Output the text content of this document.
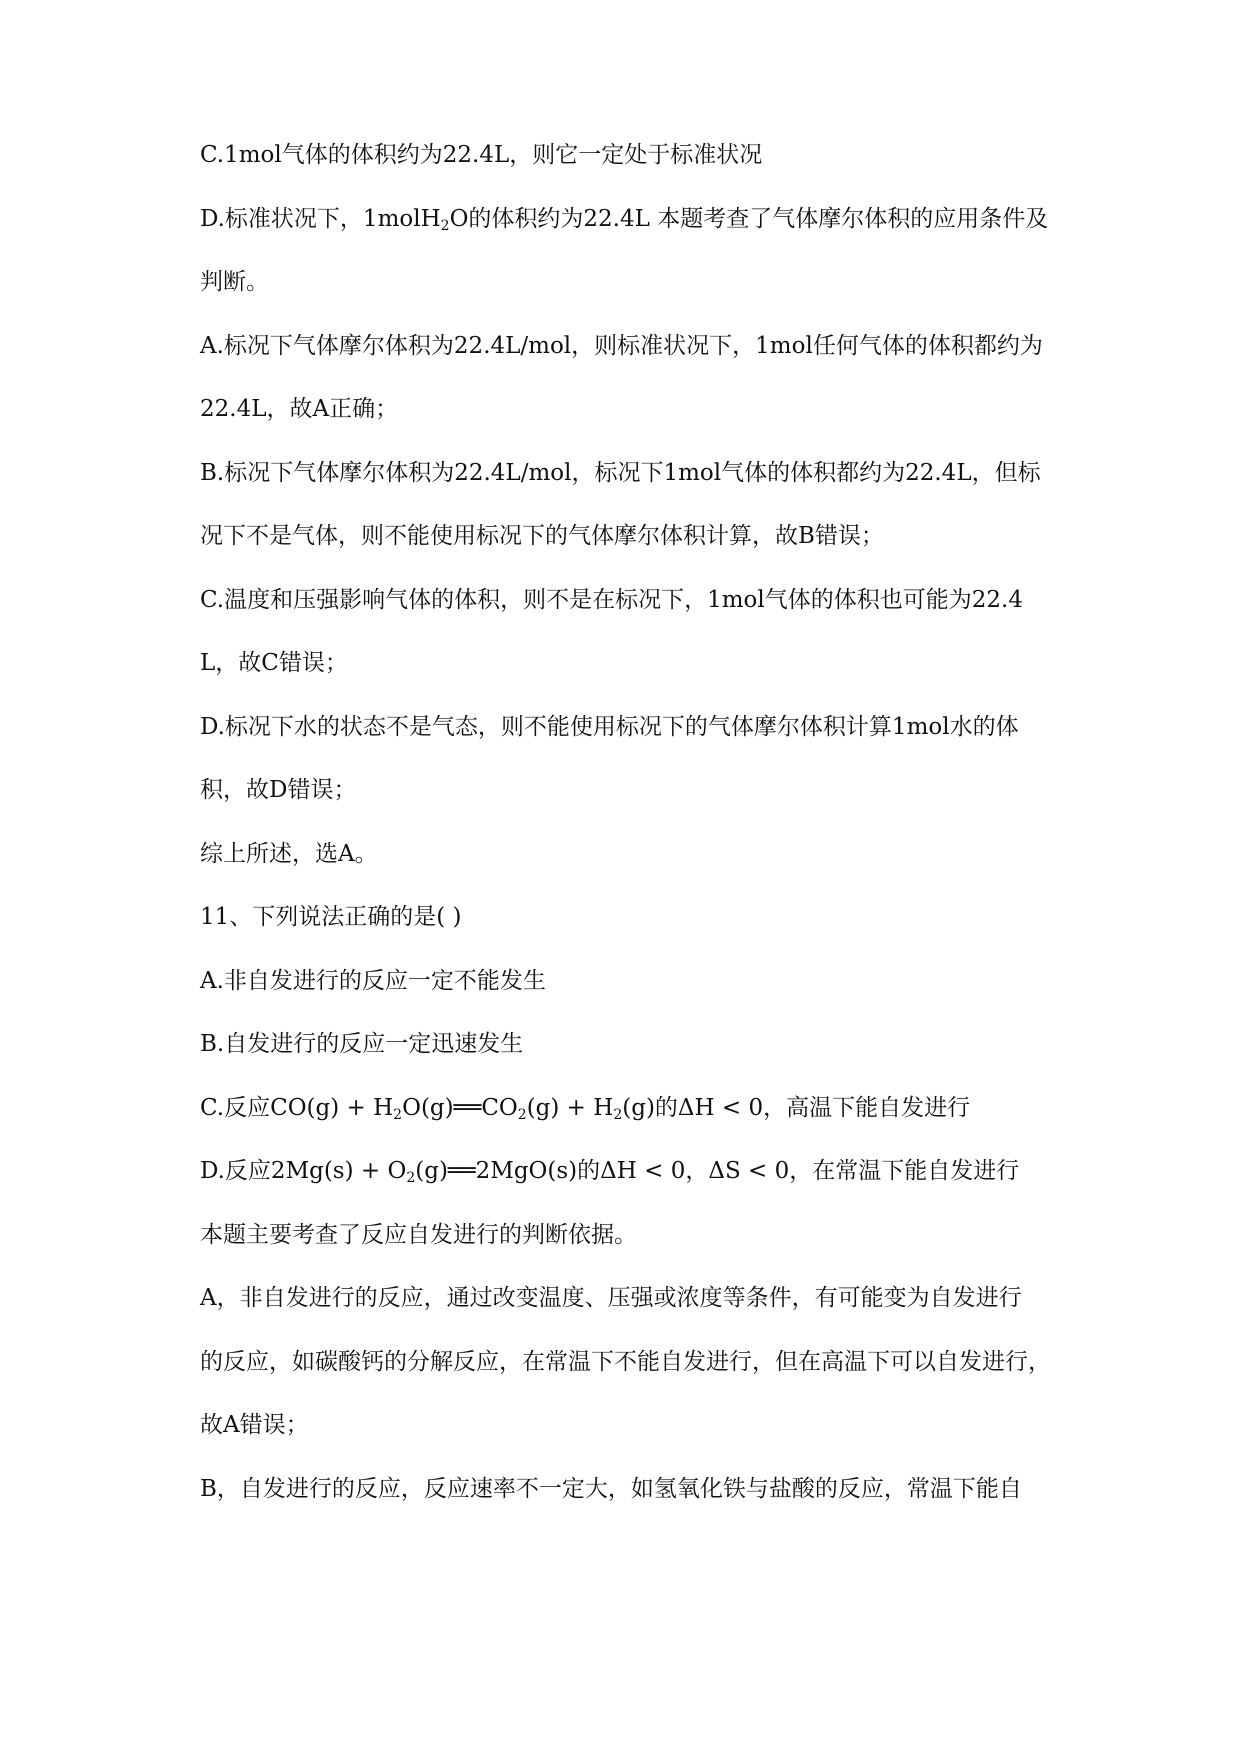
C.1mol气体的体积约为22.4L，则它一定处于标准状况
D.标准状况下，1molH$_2$O的体积约为22.4L 本题考查了气体摩尔体积的应用条件及
判断。
A.标况下气体摩尔体积为22.4L/mol，则标准状况下，1mol任何气体的体积都约为
22.4L，故A正确；
B.标况下气体摩尔体积为22.4L/mol，标况下1mol气体的体积都约为22.4L，但标
况下不是气体，则不能使用标况下的气体摩尔体积计算，故B错误；
C.温度和压强影响气体的体积，则不是在标况下，1mol气体的体积也可能为22.4
L，故C错误；
D.标况下水的状态不是气态，则不能使用标况下的气体摩尔体积计算1mol水的体
积，故D错误；
综上所述，选A。
11、下列说法正确的是( )
A.非自发进行的反应一定不能发生
B.自发进行的反应一定迅速发生
C.反应$CO(g) + H_2O(g)══CO_2(g) + H_2(g)$的ΔH < 0，高温下能自发进行
D.反应$2Mg(s) + O_2(g)══2MgO(s)$的ΔH < 0，ΔS < 0，在常温下能自发进行
本题主要考查了反应自发进行的判断依据。
A，非自发进行的反应，通过改变温度、压强或浓度等条件，有可能变为自发进行
的反应，如碳酸钙的分解反应，在常温下不能自发进行，但在高温下可以自发进行，
故A错误；
B，自发进行的反应，反应速率不一定大，如氢氧化铁与盐酸的反应，常温下能自
